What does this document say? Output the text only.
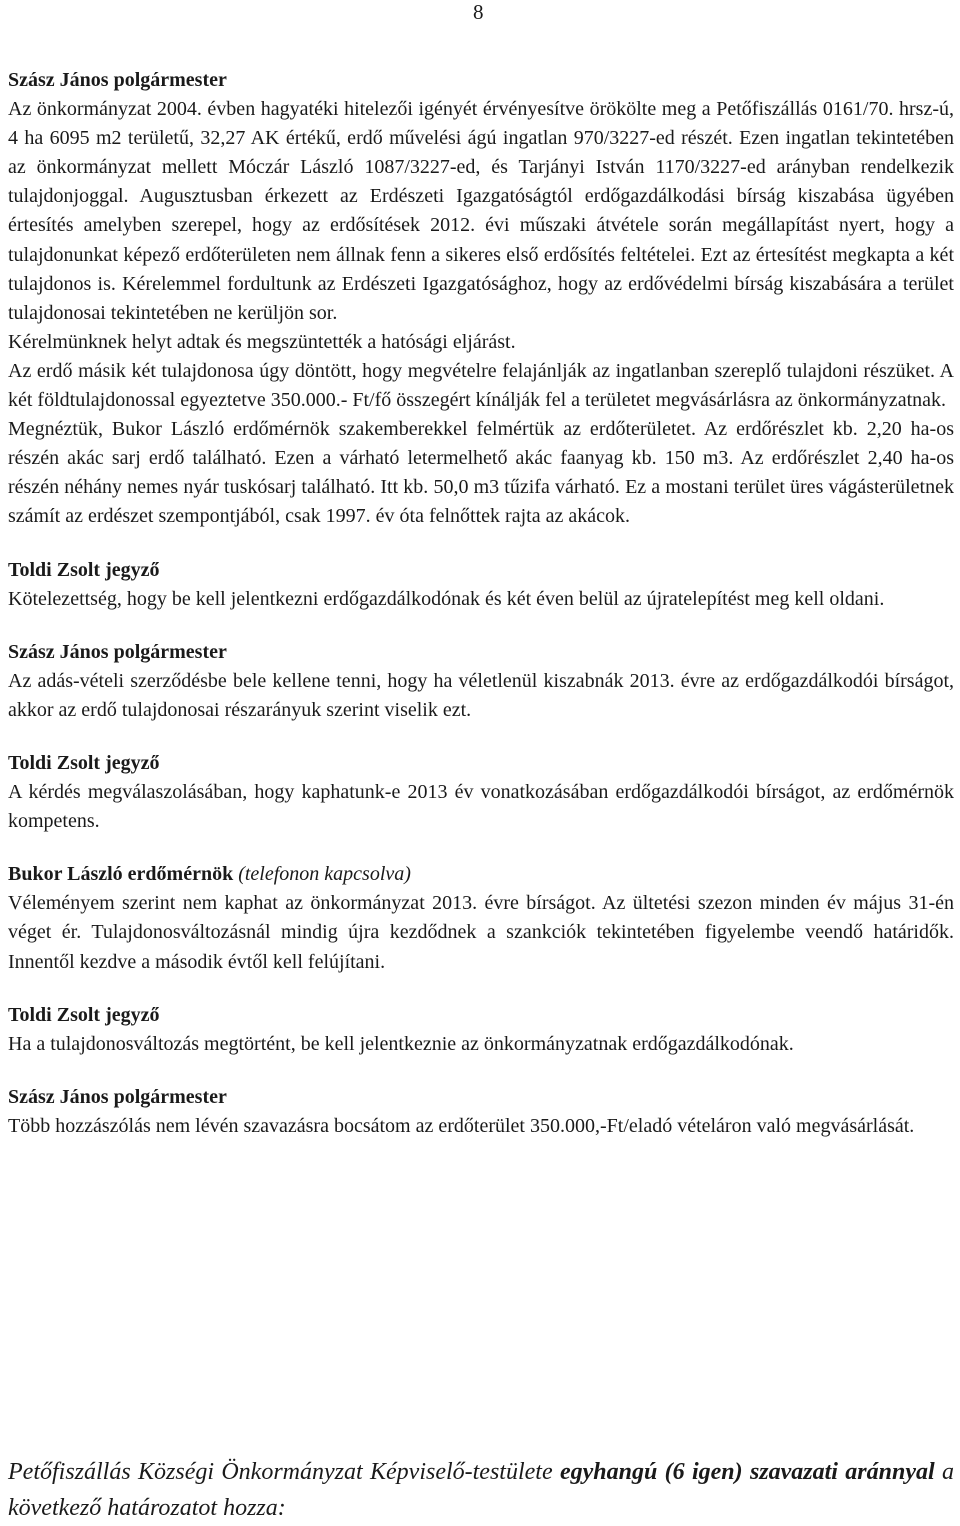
8

Szász János polgármester

Az önkormányzat 2004. évben hagyatéki hitelezői igényét érvényesítve örökölte meg a Petőfiszállás 0161/70. hrsz-ú, 4 ha 6095 m2 területű, 32,27 AK értékű, erdő művelési ágú ingatlan 970/3227-ed részét. Ezen ingatlan tekintetében az önkormányzat mellett Móczár László 1087/3227-ed, és Tarjányi István 1170/3227-ed arányban rendelkezik tulajdonjoggal. Augusztusban érkezett az Erdészeti Igazgatóságtól erdőgazdálkodási bírság kiszabása ügyében értesítés amelyben szerepel, hogy az erdősítések 2012. évi műszaki átvétele során megállapítást nyert, hogy a tulajdonunkat képező erdőterületen nem állnak fenn a sikeres első erdősítés feltételei. Ezt az értesítést megkapta a két tulajdonos is. Kérelemmel fordultunk az Erdészeti Igazgatósághoz, hogy az erdővédelmi bírság kiszabására a terület tulajdonosai tekintetében ne kerüljön sor.

Kérelmünknek helyt adtak és megszüntették a hatósági eljárást.

Az erdő másik két tulajdonosa úgy döntött, hogy megvételre felajánlják az ingatlanban szereplő tulajdoni részüket. A két földtulajdonossal egyeztetve 350.000.- Ft/fő összegért kínálják fel a területet megvásárlásra az önkormányzatnak.

Megnéztük, Bukor László erdőmérnök szakemberekkel felmértük az erdőterületet. Az erdőrészlet kb. 2,20 ha-os részén akác sarj erdő található. Ezen a várható letermelhető akác faanyag kb. 150 m3. Az erdőrészlet 2,40 ha-os részén néhány nemes nyár tuskósarj található. Itt kb. 50,0 m3 tűzifa várható. Ez a mostani terület üres vágásterületnek számít az erdészet szempontjából, csak 1997. év óta felnőttek rajta az akácok.

Toldi Zsolt jegyző

Kötelezettség, hogy be kell jelentkezni erdőgazdálkodónak és két éven belül az újratelepítést meg kell oldani.

Szász János polgármester

Az adás-vételi szerződésbe bele kellene tenni, hogy ha véletlenül kiszabnák 2013. évre az erdőgazdálkodói bírságot, akkor az erdő tulajdonosai részarányuk szerint viselik ezt.

Toldi Zsolt jegyző

A kérdés megválaszolásában, hogy kaphatunk-e 2013 év vonatkozásában erdőgazdálkodói bírságot, az erdőmérnök kompetens.

Bukor László erdőmérnök (telefonon kapcsolva)

Véleményem szerint nem kaphat az önkormányzat 2013. évre bírságot. Az ültetési szezon minden év május 31-én véget ér. Tulajdonosváltozásnál mindig újra kezdődnek a szankciók tekintetében figyelembe veendő határidők. Innentől kezdve a második évtől kell felújítani.

Toldi Zsolt jegyző

Ha a tulajdonosváltozás megtörtént, be kell jelentkeznie az önkormányzatnak erdőgazdálkodónak.

Szász János polgármester

Több hozzászólás nem lévén szavazásra bocsátom az erdőterület 350.000,-Ft/eladó vételáron való megvásárlását.

Petőfiszállás Községi Önkormányzat Képviselő-testülete egyhangú (6 igen) szavazati aránnyal a következő határozatot hozza:
